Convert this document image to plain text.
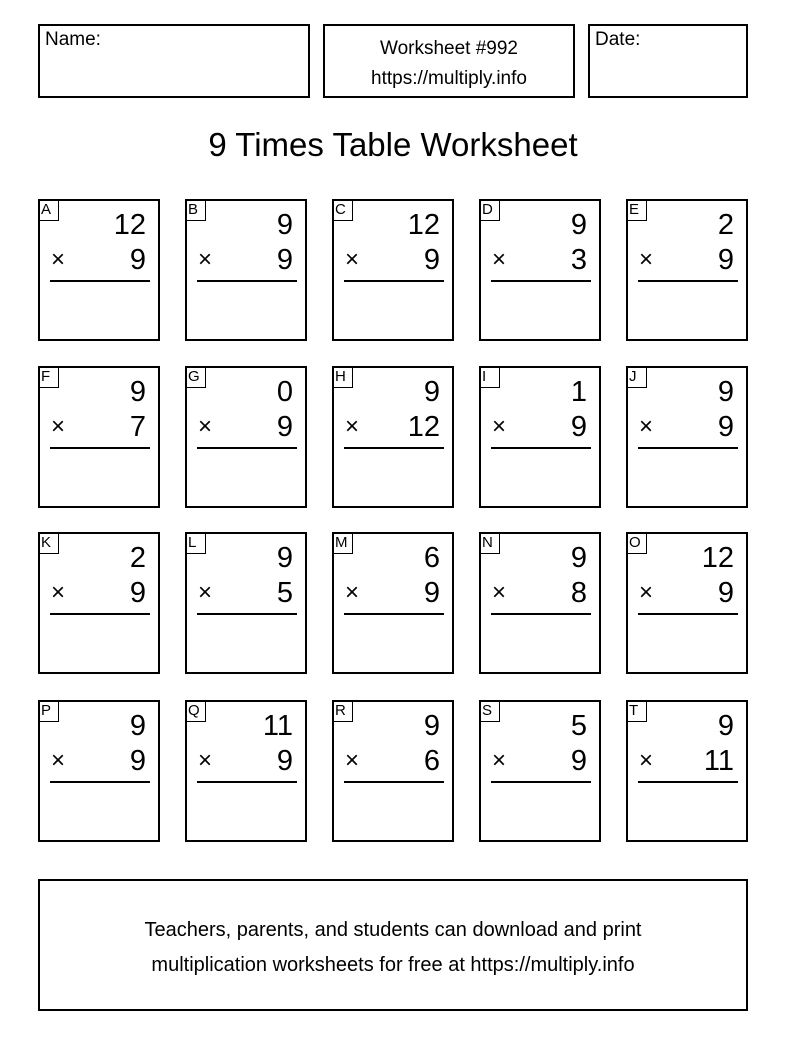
Name:	Worksheet #992
https://multiply.info
Date:
9 Times Table Worksheet
A 12
× 9
B	9
× 9
C 12
× 9
D	9
× 3
E	2
× 9
F	9
× 7
G	0
× 9
H	9
× 12
I	1
× 9
J	9
× 9
K	2
× 9
L	9
× 5
M	6
× 9
N	9
× 8
O 12
× 9
P	9
× 9
Q 11
× 9
R	9
× 6
S	5
× 9
T	9
× 11
Teachers, parents, and students can download and print
multiplication worksheets for free at https://multiply.info
